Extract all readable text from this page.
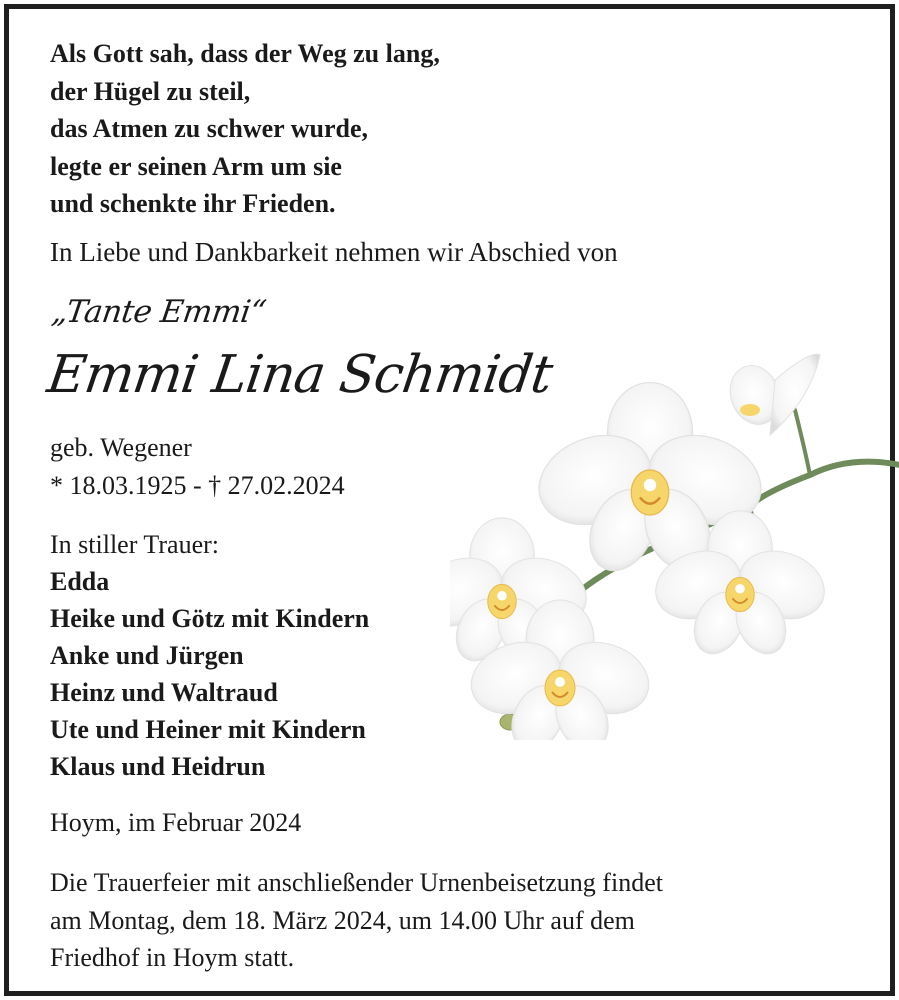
Als Gott sah, dass der Weg zu lang,
der Hügel zu steil,
das Atmen zu schwer wurde,
legte er seinen Arm um sie
und schenkte ihr Frieden.
In Liebe und Dankbarkeit nehmen wir Abschied von
„Tante Emmi“
Emmi Lina Schmidt
geb. Wegener
* 18.03.1925 - † 27.02.2024
In stiller Trauer:
Edda
Heike und Götz mit Kindern
Anke und Jürgen
Heinz und Waltraud
Ute und Heiner mit Kindern
Klaus und Heidrun
Hoym, im Februar 2024
Die Trauerfeier mit anschließender Urnenbeisetzung findet
am Montag, dem 18. März 2024, um 14.00 Uhr auf dem
Friedhof in Hoym statt.
